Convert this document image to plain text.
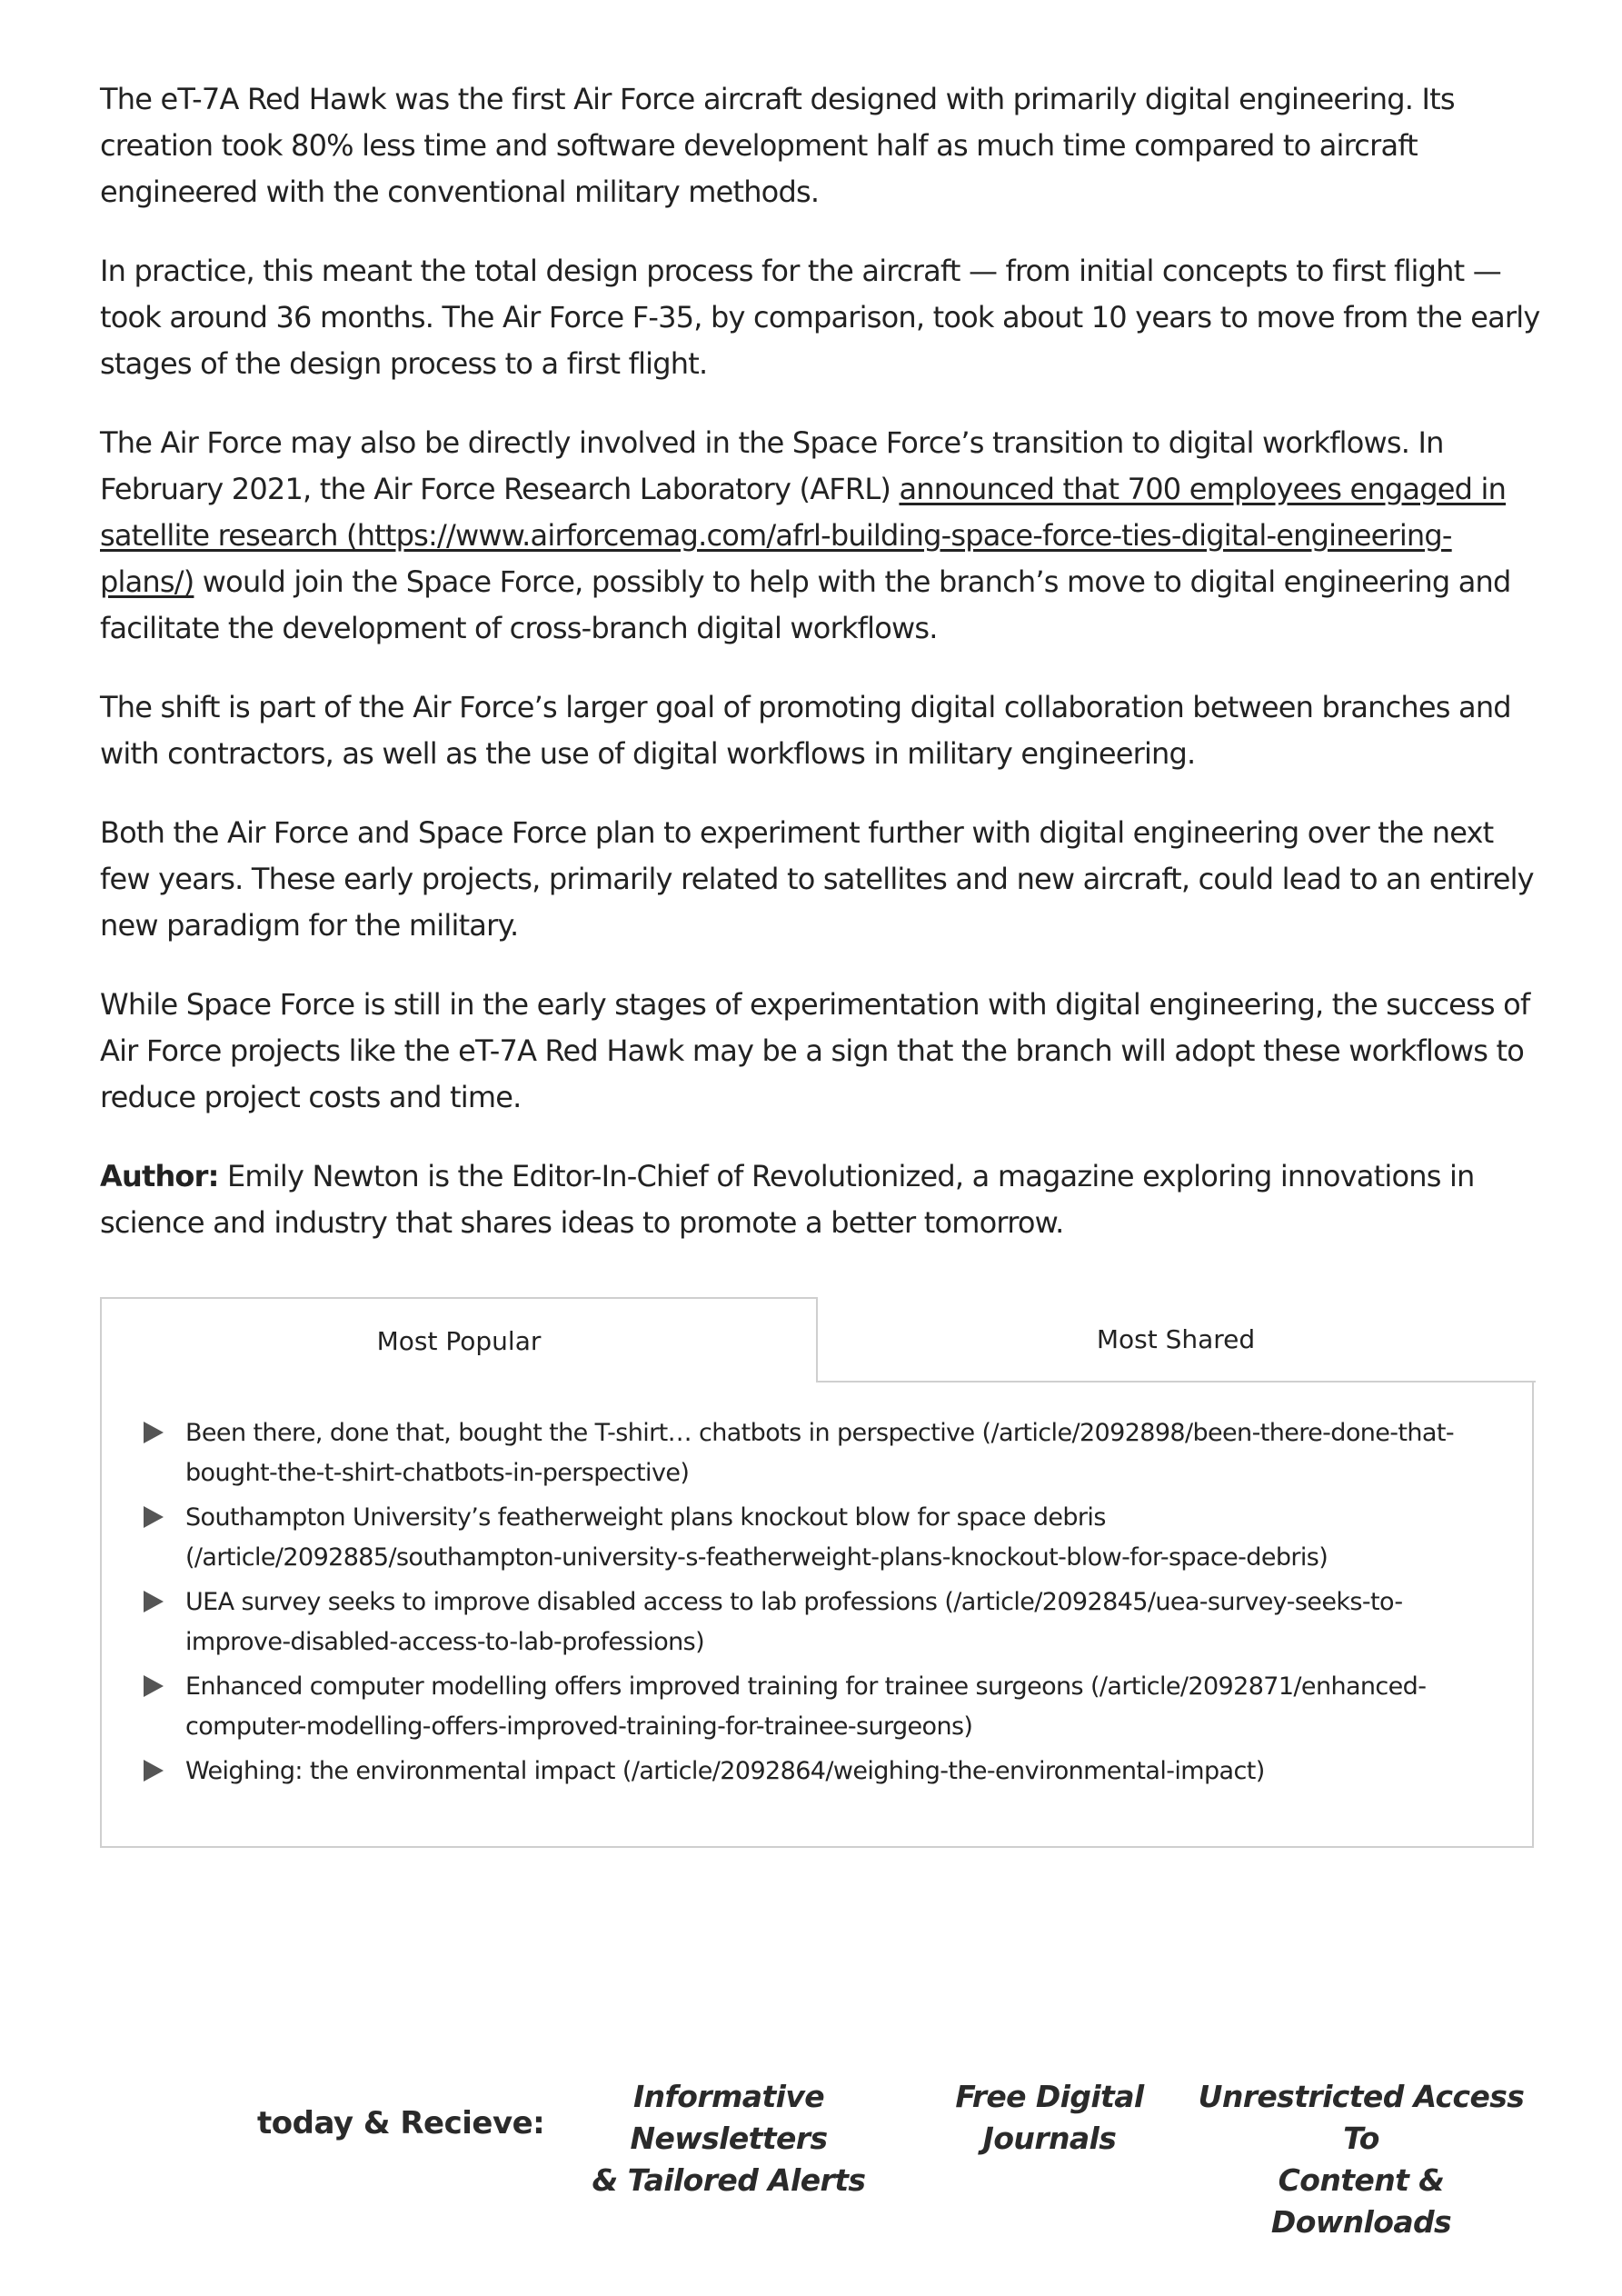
The eT-7A Red Hawk was the first Air Force aircraft designed with primarily digital engineering. Its creation took 80% less time and software development half as much time compared to aircraft engineered with the conventional military methods.

In practice, this meant the total design process for the aircraft — from initial concepts to first flight — took around 36 months. The Air Force F-35, by comparison, took about 10 years to move from the early stages of the design process to a first flight.

The Air Force may also be directly involved in the Space Force’s transition to digital workflows. In February 2021, the Air Force Research Laboratory (AFRL) announced that 700 employees engaged in satellite research (https://www.airforcemag.com/afrl-building-space-force-ties-digital-engineering-plans/) would join the Space Force, possibly to help with the branch’s move to digital engineering and facilitate the development of cross-branch digital workflows.

The shift is part of the Air Force’s larger goal of promoting digital collaboration between branches and with contractors, as well as the use of digital workflows in military engineering.

Both the Air Force and Space Force plan to experiment further with digital engineering over the next few years. These early projects, primarily related to satellites and new aircraft, could lead to an entirely new paradigm for the military.

While Space Force is still in the early stages of experimentation with digital engineering, the success of Air Force projects like the eT-7A Red Hawk may be a sign that the branch will adopt these workflows to reduce project costs and time.

Author: Emily Newton is the Editor-In-Chief of Revolutionized, a magazine exploring innovations in science and industry that shares ideas to promote a better tomorrow.

Most Popular	Most Shared
Been there, done that, bought the T-shirt… chatbots in perspective (/article/2092898/been-there-done-that-bought-the-t-shirt-chatbots-in-perspective)
Southampton University’s featherweight plans knockout blow for space debris (/article/2092885/southampton-university-s-featherweight-plans-knockout-blow-for-space-debris)
UEA survey seeks to improve disabled access to lab professions (/article/2092845/uea-survey-seeks-to-improve-disabled-access-to-lab-professions)
Enhanced computer modelling offers improved training for trainee surgeons (/article/2092871/enhanced-computer-modelling-offers-improved-training-for-trainee-surgeons)
Weighing: the environmental impact (/article/2092864/weighing-the-environmental-impact)
today & Recieve:
Informative Newsletters
& Tailored Alerts
Free Digital
Journals
Unrestricted Access To
Content & Downloads
